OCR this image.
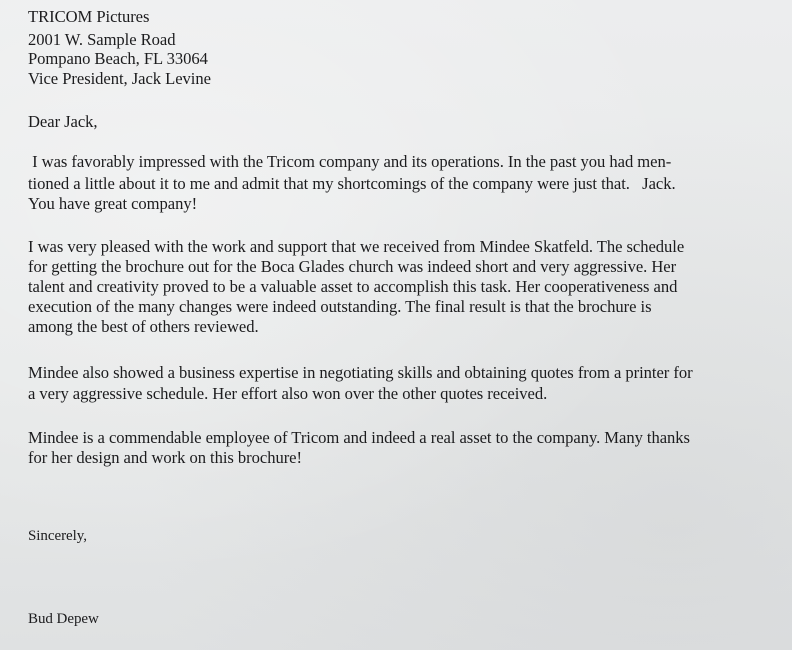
TRICOM Pictures

2001 W. Sample Road

Pompano Beach, FL 33064

Vice President, Jack Levine

Dear Jack,

I was favorably impressed with the Tricom company and its operations. In the past you had men-

tioned a little about it to me and admit that my shortcomings of the company were just that.   Jack.

You have great company!

I was very pleased with the work and support that we received from Mindee Skatfeld. The schedule

for getting the brochure out for the Boca Glades church was indeed short and very aggressive. Her

talent and creativity proved to be a valuable asset to accomplish this task. Her cooperativeness and

execution of the many changes were indeed outstanding. The final result is that the brochure is

among the best of others reviewed.

Mindee also showed a business expertise in negotiating skills and obtaining quotes from a printer for

a very aggressive schedule. Her effort also won over the other quotes received.

Mindee is a commendable employee of Tricom and indeed a real asset to the company. Many thanks

for her design and work on this brochure!

Sincerely,

Bud Depew
